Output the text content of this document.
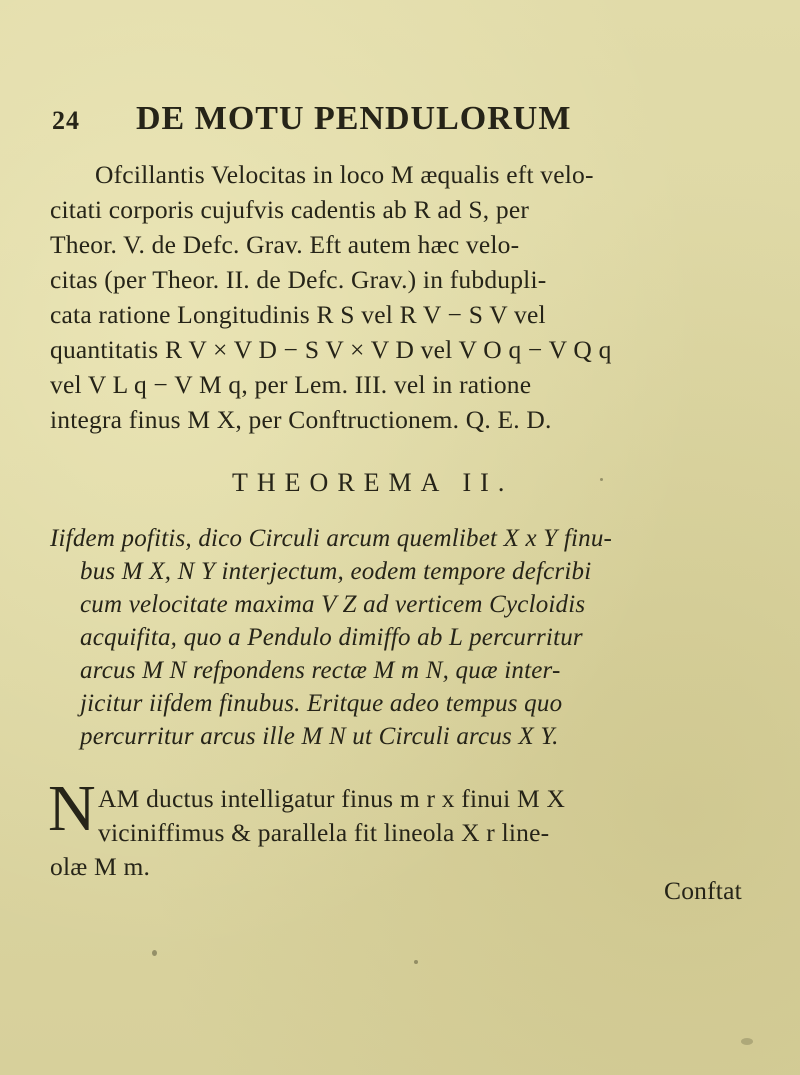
24 DE MOTU PENDULORUM
Ofcillantis Velocitas in loco M æqualis eft velo-
citati corporis cujufvis cadentis ab R ad S, per
Theor. V. de Defc. Grav. Eft autem hæc velo-
citas (per Theor. II. de Defc. Grav.) in fubdupli-
cata ratione Longitudinis R S vel R V − S V vel
quantitatis R V × V D − S V × V D vel V O q − V Q q
vel V L q − V M q, per Lem. III. vel in ratione
integra finus M X, per Conftructionem. Q. E. D.
THEOREMA II.
Iifdem pofitis, dico Circuli arcum quemlibet X x Y finu-
bus M X, N Y interjectum, eodem tempore defcribi
cum velocitate maxima V Z ad verticem Cycloidis
acquifita, quo a Pendulo dimiffo ab L percurritur
arcus M N refpondens rectæ M m N, quæ inter-
jicitur iifdem finubus. Eritque adeo tempus quo
percurritur arcus ille M N ut Circuli arcus X Y.
N AM ductus intelligatur finus m r x finui M X
viciniffimus & parallela fit lineola X r line-
olæ M m.
Conftat
